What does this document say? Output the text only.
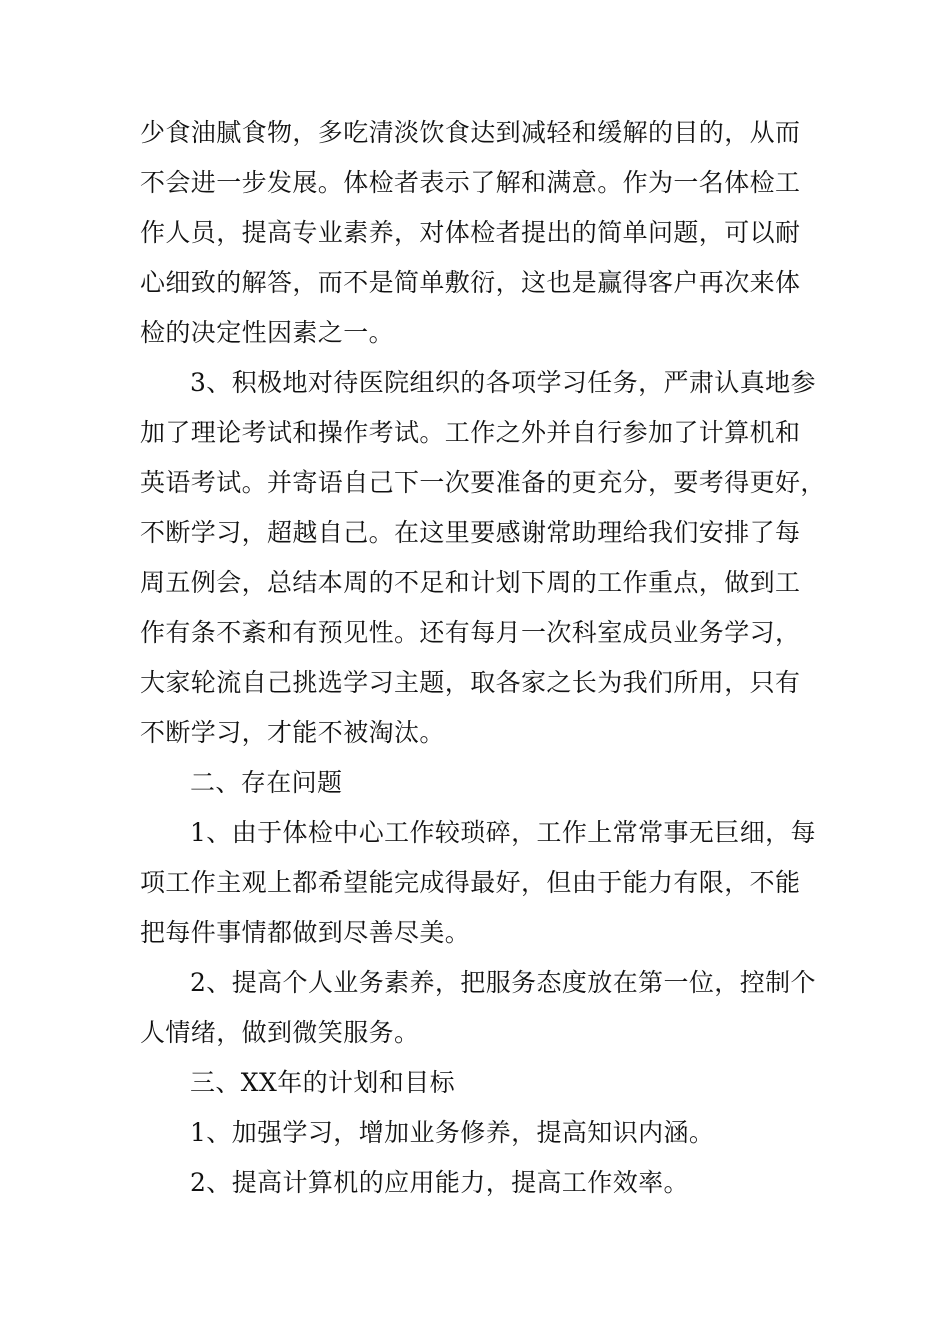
少食油腻食物，多吃清淡饮食达到减轻和缓解的目的，从而
不会进一步发展。体检者表示了解和满意。作为一名体检工
作人员，提高专业素养，对体检者提出的简单问题，可以耐
心细致的解答，而不是简单敷衍，这也是赢得客户再次来体
检的决定性因素之一。
3、积极地对待医院组织的各项学习任务，严肃认真地参
加了理论考试和操作考试。工作之外并自行参加了计算机和
英语考试。并寄语自己下一次要准备的更充分，要考得更好，
不断学习，超越自己。在这里要感谢常助理给我们安排了每
周五例会，总结本周的不足和计划下周的工作重点，做到工
作有条不紊和有预见性。还有每月一次科室成员业务学习，
大家轮流自己挑选学习主题，取各家之长为我们所用，只有
不断学习，才能不被淘汰。
二、存在问题
1、由于体检中心工作较琐碎，工作上常常事无巨细，每
项工作主观上都希望能完成得最好，但由于能力有限，不能
把每件事情都做到尽善尽美。
2、提高个人业务素养，把服务态度放在第一位，控制个
人情绪，做到微笑服务。
三、XX年的计划和目标
1、加强学习，增加业务修养，提高知识内涵。
2、提高计算机的应用能力，提高工作效率。
